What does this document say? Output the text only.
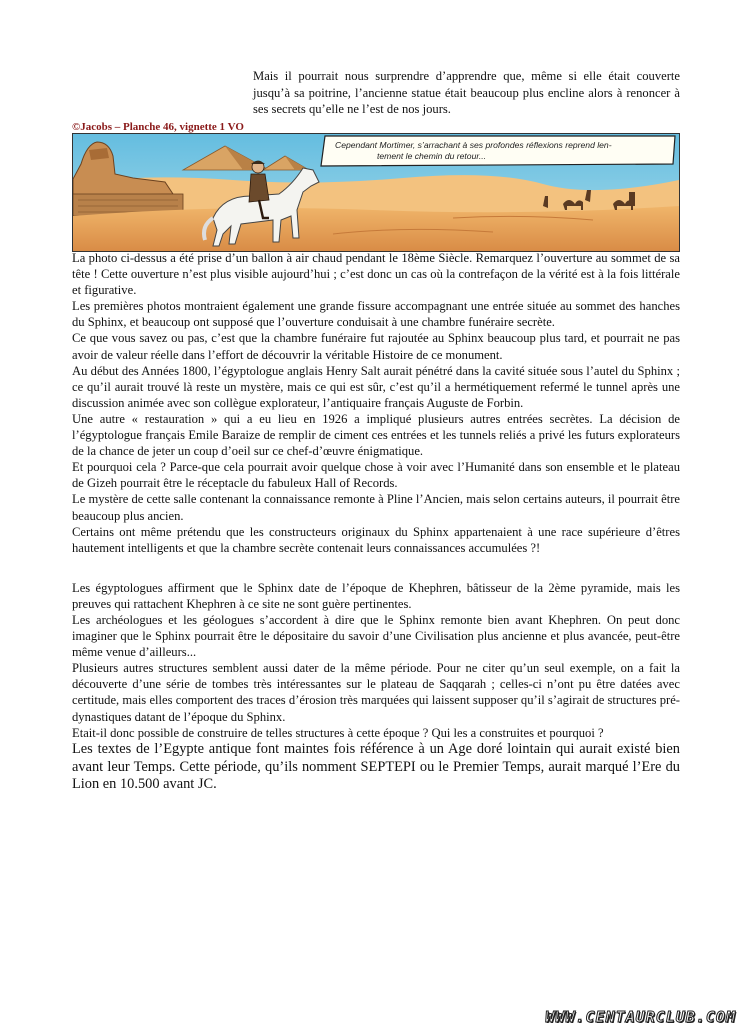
Mais il pourrait nous surprendre d’apprendre que, même si elle était couverte jusqu’à sa poitrine, l’ancienne statue était beaucoup plus encline alors à renoncer à ses secrets qu’elle ne l’est de nos jours.

©Jacobs – Planche 46, vignette 1 VO
Cependant Mortimer, s’arrachant à ses profondes réflexions reprend len-
tement le chemin du retour...

La photo ci-dessus a été prise d’un ballon à air chaud pendant le 18ème Siècle. Remarquez l’ouverture au sommet de sa tête ! Cette ouverture n’est plus visible aujourd’hui ; c’est donc un cas où la contrefaçon de la vérité est à la fois littérale et figurative.

Les premières photos montraient également une grande fissure accompagnant une entrée située au sommet des hanches du Sphinx, et beaucoup ont supposé que l’ouverture conduisait à une chambre funéraire secrète.

Ce que vous savez ou pas, c’est que la chambre funéraire fut rajoutée au Sphinx beaucoup plus tard, et pourrait ne pas avoir de valeur réelle dans l’effort de découvrir la véritable Histoire de ce monument.

Au début des Années 1800, l’égyptologue anglais Henry Salt aurait pénétré dans la cavité située sous l’autel du Sphinx ; ce qu’il aurait trouvé là reste un mystère, mais ce qui est sûr, c’est qu’il a hermétiquement refermé le tunnel après une discussion animée avec son collègue explorateur, l’antiquaire français Auguste de Forbin.

Une autre « restauration » qui a eu lieu en 1926 a impliqué plusieurs autres entrées secrètes. La décision de l’égyptologue français Emile Baraize de remplir de ciment ces entrées et les tunnels reliés a privé les futurs explorateurs de la chance de jeter un coup d’oeil sur ce chef-d’œuvre énigmatique.

Et pourquoi cela ? Parce-que cela pourrait avoir quelque chose à voir avec l’Humanité dans son ensemble et le plateau de Gizeh pourrait être le réceptacle du fabuleux Hall of Records.

Le mystère de cette salle contenant la connaissance remonte à Pline l’Ancien, mais selon certains auteurs, il pourrait être beaucoup plus ancien.

Certains ont même prétendu que les constructeurs originaux du Sphinx appartenaient à une race supérieure d’êtres hautement intelligents et que la chambre secrète contenait leurs connaissances accumulées ?!

Les égyptologues affirment que le Sphinx date de l’époque de Khephren, bâtisseur de la 2ème pyramide, mais les preuves qui rattachent Khephren à ce site ne sont guère pertinentes.

Les archéologues et les géologues s’accordent à dire que le Sphinx remonte bien avant Khephren. On peut donc imaginer que le Sphinx pourrait être le dépositaire du savoir d’une Civilisation plus ancienne et plus avancée, peut-être même venue d’ailleurs...

Plusieurs autres structures semblent aussi dater de la même période. Pour ne citer qu’un seul exemple, on a fait la découverte d’une série de tombes très intéressantes sur le plateau de Saqqarah ; celles-ci n’ont pu être datées avec certitude, mais elles comportent des traces d’érosion très marquées qui laissent supposer qu’il s’agirait de structures pré-dynastiques datant de l’époque du Sphinx.

Etait-il donc possible de construire de telles structures à cette époque ? Qui les a construites et pourquoi ?

Les textes de l’Egypte antique font maintes fois référence à un Age doré lointain qui aurait existé bien avant leur Temps. Cette période, qu’ils nomment SEPTEPI ou le Premier Temps, aurait marqué l’Ere du Lion en 10.500 avant JC.

WWW.CENTAURCLUB.COM
